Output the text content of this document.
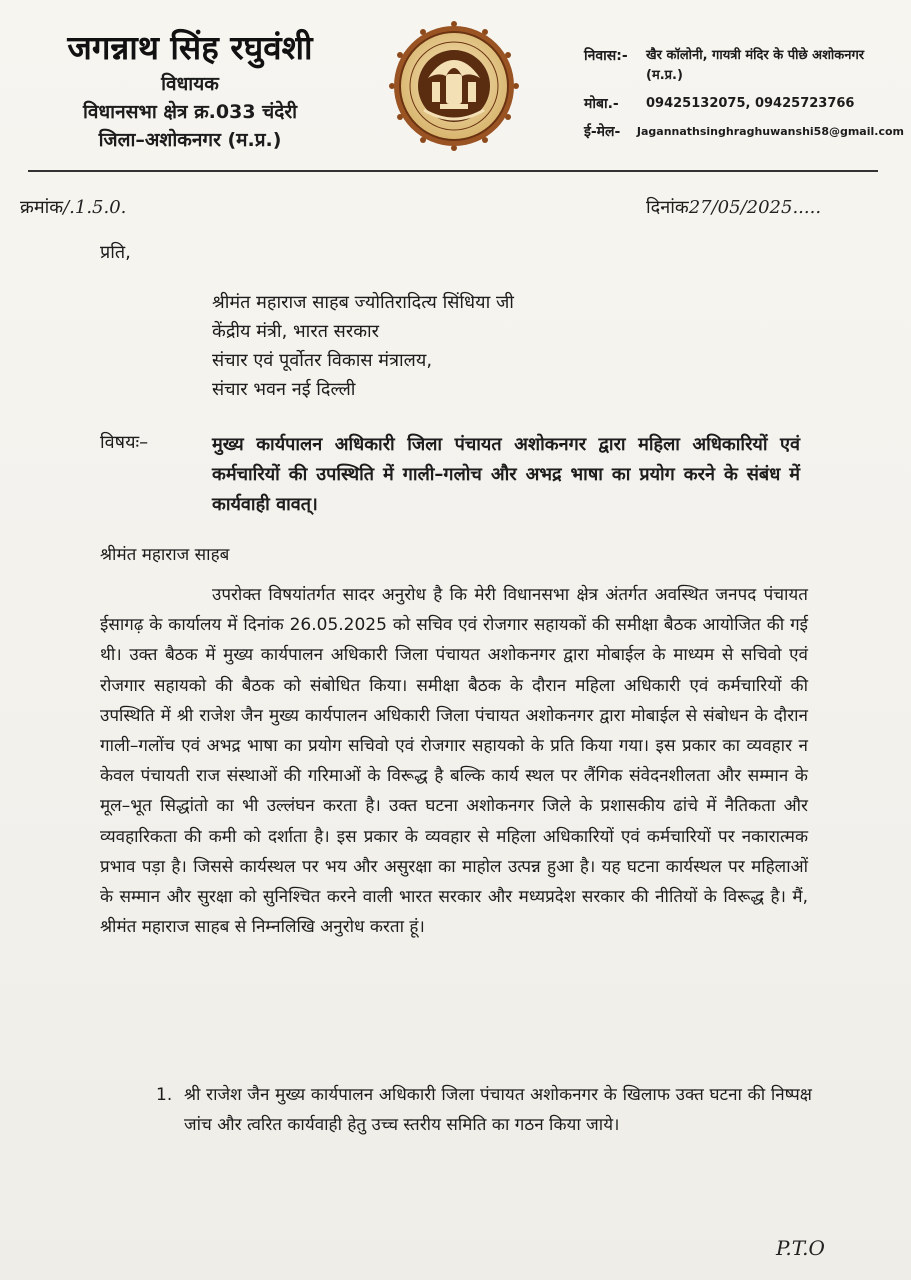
जगन्नाथ सिंह रघुवंशी
विधायक
विधानसभा क्षेत्र क्र.033 चंदेरी
जिला–अशोकनगर (म.प्र.)
निवास:-	खैर कॉलोनी, गायत्री मंदिर के पीछे अशोकनगर (म.प्र.)
मोबा.-	09425132075, 09425723766
ई-मेल-	Jagannathsinghraghuwanshi58@gmail.com
क्रमांक/.1.5.0.	दिनांक27/05/2025.....
प्रति,
श्रीमंत महाराज साहब ज्योतिरादित्य सिंधिया जी
केंद्रीय मंत्री, भारत सरकार
संचार एवं पूर्वोतर विकास मंत्रालय,
संचार भवन नई दिल्ली
विषयः–	मुख्य कार्यपालन अधिकारी जिला पंचायत अशोकनगर द्वारा महिला अधिकारियों एवं कर्मचारियों की उपस्थिति में गाली–गलोच और अभद्र भाषा का प्रयोग करने के संबंध में कार्यवाही वावत्।
श्रीमंत महाराज साहब
उपरोक्त विषयांतर्गत सादर अनुरोध है कि मेरी विधानसभा क्षेत्र अंतर्गत अवस्थित जनपद पंचायत ईसागढ़ के कार्यालय में दिनांक 26.05.2025 को सचिव एवं रोजगार सहायकों की समीक्षा बैठक आयोजित की गई थी। उक्त बैठक में मुख्य कार्यपालन अधिकारी जिला पंचायत अशोकनगर द्वारा मोबाईल के माध्यम से सचिवो एवं रोजगार सहायको की बैठक को संबोधित किया। समीक्षा बैठक के दौरान महिला अधिकारी एवं कर्मचारियों की उपस्थिति में श्री राजेश जैन मुख्य कार्यपालन अधिकारी जिला पंचायत अशोकनगर द्वारा मोबाईल से संबोधन के दौरान गाली–गलोंच एवं अभद्र भाषा का प्रयोग सचिवो एवं रोजगार सहायको के प्रति किया गया। इस प्रकार का व्यवहार न केवल पंचायती राज संस्थाओं की गरिमाओं के विरूद्ध है बल्कि कार्य स्थल पर लैंगिक संवेदनशीलता और सम्मान के मूल–भूत सिद्धांतो का भी उल्लंघन करता है। उक्त घटना अशोकनगर जिले के प्रशासकीय ढांचे में नैतिकता और व्यवहारिकता की कमी को दर्शाता है। इस प्रकार के व्यवहार से महिला अधिकारियों एवं कर्मचारियों पर नकारात्मक प्रभाव पड़ा है। जिससे कार्यस्थल पर भय और असुरक्षा का माहोल उत्पन्न हुआ है। यह घटना कार्यस्थल पर महिलाओं के सम्मान और सुरक्षा को सुनिश्चित करने वाली भारत सरकार और मध्यप्रदेश सरकार की नीतियों के विरूद्ध है। मैं, श्रीमंत महाराज साहब से निम्नलिखि अनुरोध करता हूं।
1. श्री राजेश जैन मुख्य कार्यपालन अधिकारी जिला पंचायत अशोकनगर के खिलाफ उक्त घटना की निष्पक्ष जांच और त्वरित कार्यवाही हेतु उच्च स्तरीय समिति का गठन किया जाये।
P.T.O
